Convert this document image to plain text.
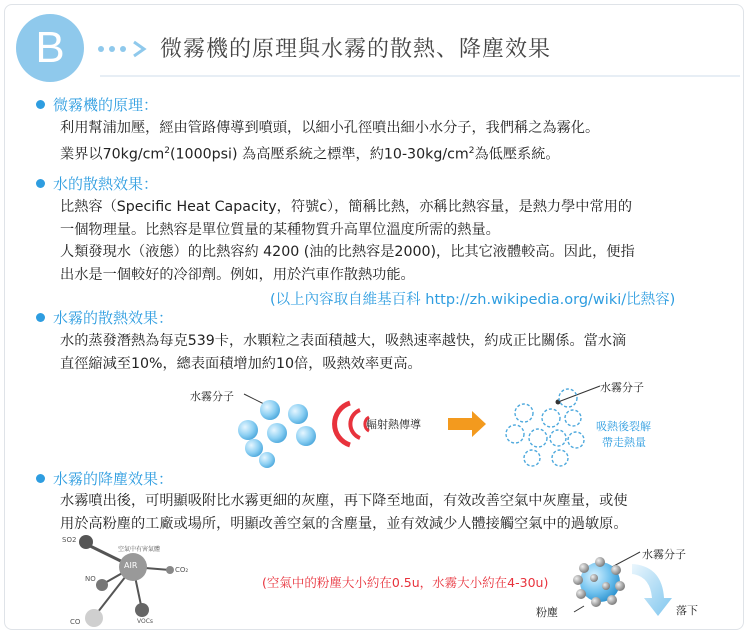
B	微霧機的原理與水霧的散熱、降塵效果
微霧機的原理：

利用幫浦加壓，經由管路傳導到噴頭，以細小孔徑噴出細小水分子，我們稱之為霧化。

業界以$70kg/cm^2(1000psi)$ 為高壓系統之標準，約$10-30kg/cm^2$為低壓系統。

水的散熱效果：

比熱容（Specific Heat Capacity，符號c），簡稱比熱，亦稱比熱容量，是熱力學中常用的

一個物理量。比熱容是單位質量的某種物質升高單位溫度所需的熱量。

人類發現水（液態）的比熱容約 4200 (油的比熱容是2000)，比其它液體較高。因此，便指

出水是一個較好的冷卻劑。例如，用於汽車作散熱功能。

(以上內容取自維基百科 http://zh.wikipedia.org/wiki/比熱容)
水霧的散熱效果：

水的蒸發潛熱為每克539卡，水顆粒之表面積越大，吸熱速率越快，約成正比關係。當水滴

直徑縮減至10%，總表面積增加約10倍，吸熱效率更高。

水霧分子
輻射熱傳導
水霧分子
吸熱後裂解
帶走熱量
水霧的降塵效果：

水霧噴出後，可明顯吸附比水霧更細的灰塵，再下降至地面，有效改善空氣中灰塵量，或使

用於高粉塵的工廠或場所，明顯改善空氣的含塵量，並有效減少人體接觸空氣中的過敏原。

SO2
空氣中有害氣體
AIR	CO₂
NO
CO	VOCs
(空氣中的粉塵大小約在0.5u，水霧大小約在4-30u)
水霧分子
粉塵	落下
